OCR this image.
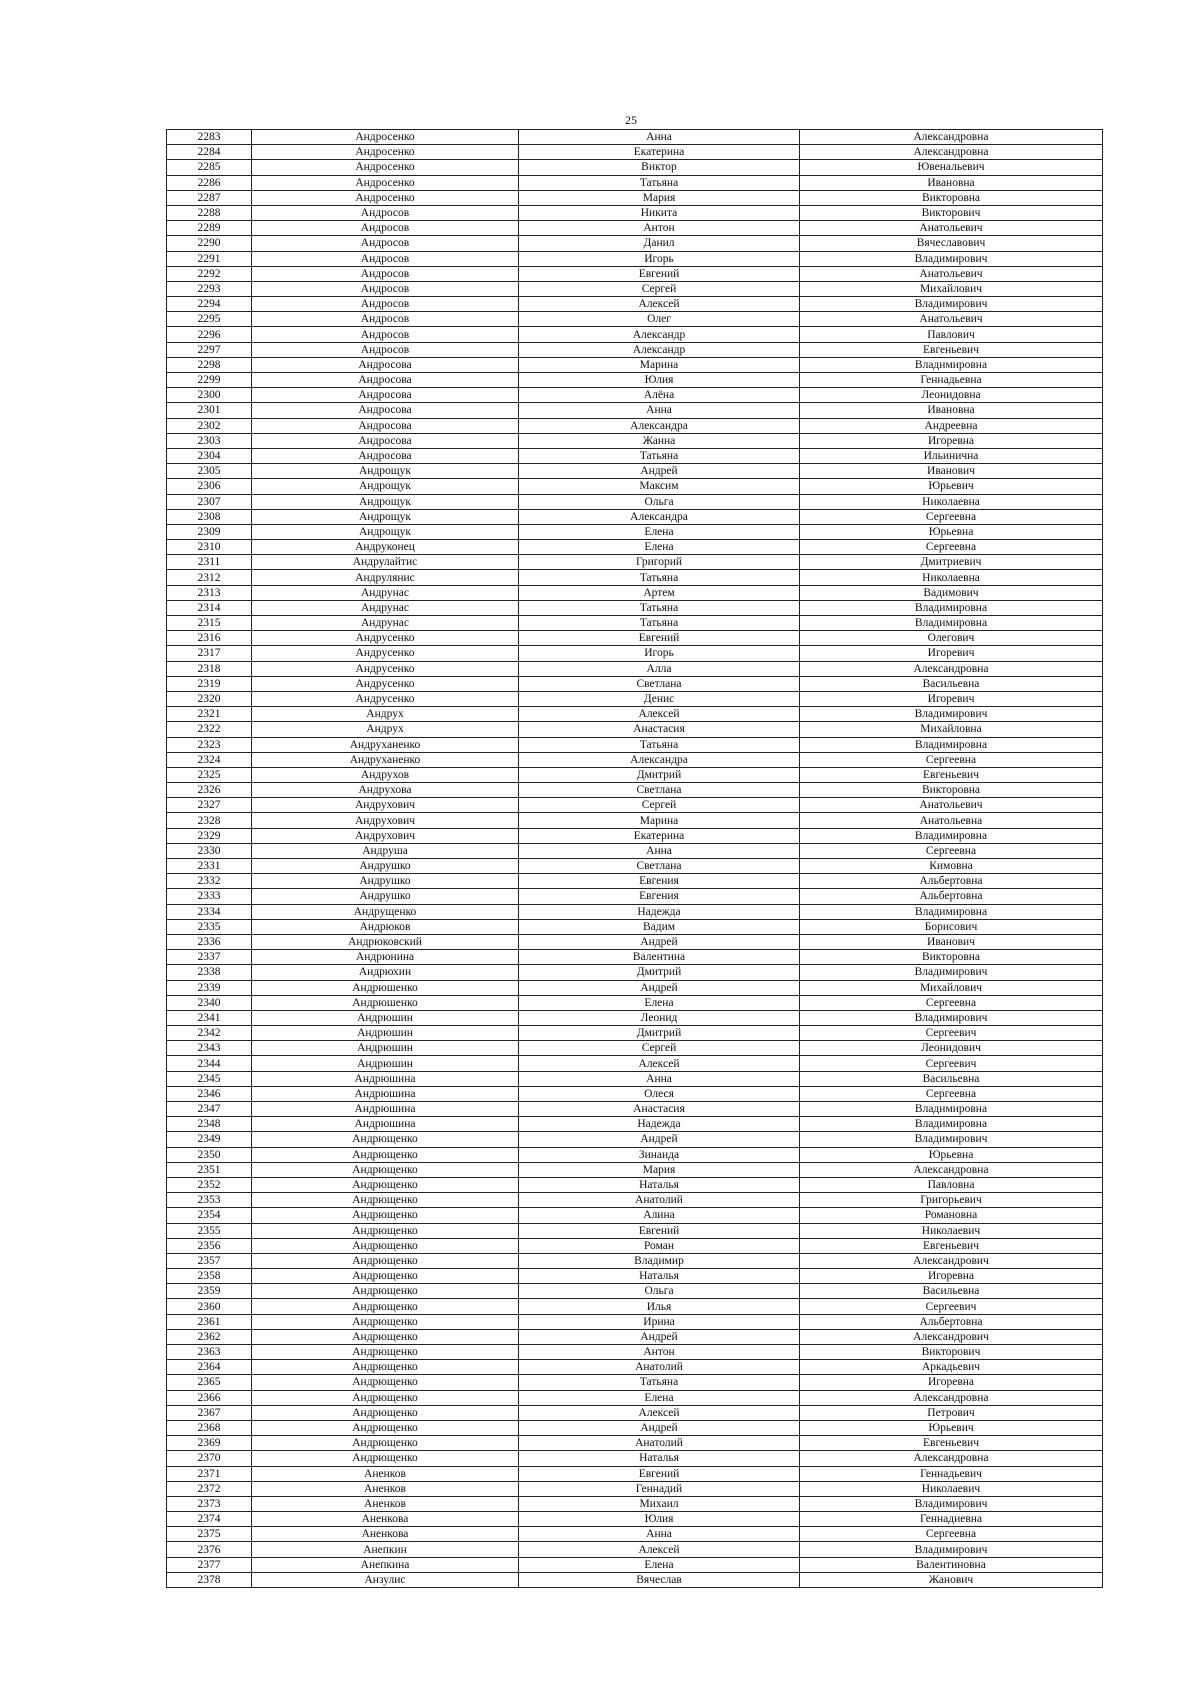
25
2283	Андросенко	Анна	Александровна
2284	Андросенко	Екатерина	Александровна
2285	Андросенко	Виктор	Ювенальевич
2286	Андросенко	Татьяна	Ивановна
2287	Андросенко	Мария	Викторовна
2288	Андросов	Никита	Викторович
2289	Андросов	Антон	Анатольевич
2290	Андросов	Данил	Вячеславович
2291	Андросов	Игорь	Владимирович
2292	Андросов	Евгений	Анатольевич
2293	Андросов	Сергей	Михайлович
2294	Андросов	Алексей	Владимирович
2295	Андросов	Олег	Анатольевич
2296	Андросов	Александр	Павлович
2297	Андросов	Александр	Евгеньевич
2298	Андросова	Марина	Владимировна
2299	Андросова	Юлия	Геннадьевна
2300	Андросова	Алёна	Леонидовна
2301	Андросова	Анна	Ивановна
2302	Андросова	Александра	Андреевна
2303	Андросова	Жанна	Игоревна
2304	Андросова	Татьяна	Ильинична
2305	Андрощук	Андрей	Иванович
2306	Андрощук	Максим	Юрьевич
2307	Андрощук	Ольга	Николаевна
2308	Андрощук	Александра	Сергеевна
2309	Андрощук	Елена	Юрьевна
2310	Андруконец	Елена	Сергеевна
2311	Андрулайтис	Григорий	Дмитриевич
2312	Андрулянис	Татьяна	Николаевна
2313	Андрунас	Артем	Вадимович
2314	Андрунас	Татьяна	Владимировна
2315	Андрунас	Татьяна	Владимировна
2316	Андрусенко	Евгений	Олегович
2317	Андрусенко	Игорь	Игоревич
2318	Андрусенко	Алла	Александровна
2319	Андрусенко	Светлана	Васильевна
2320	Андрусенко	Денис	Игоревич
2321	Андрух	Алексей	Владимирович
2322	Андрух	Анастасия	Михайловна
2323	Андруханенко	Татьяна	Владимировна
2324	Андруханенко	Александра	Сергеевна
2325	Андрухов	Дмитрий	Евгеньевич
2326	Андрухова	Светлана	Викторовна
2327	Андрухович	Сергей	Анатольевич
2328	Андрухович	Марина	Анатольевна
2329	Андрухович	Екатерина	Владимировна
2330	Андруша	Анна	Сергеевна
2331	Андрушко	Светлана	Кимовна
2332	Андрушко	Евгения	Альбертовна
2333	Андрушко	Евгения	Альбертовна
2334	Андрущенко	Надежда	Владимировна
2335	Андрюков	Вадим	Борисович
2336	Андрюковский	Андрей	Иванович
2337	Андрюнина	Валентина	Викторовна
2338	Андрюхин	Дмитрий	Владимирович
2339	Андрюшенко	Андрей	Михайлович
2340	Андрюшенко	Елена	Сергеевна
2341	Андрюшин	Леонид	Владимирович
2342	Андрюшин	Дмитрий	Сергеевич
2343	Андрюшин	Сергей	Леонидович
2344	Андрюшин	Алексей	Сергеевич
2345	Андрюшина	Анна	Васильевна
2346	Андрюшина	Олеся	Сергеевна
2347	Андрюшина	Анастасия	Владимировна
2348	Андрюшина	Надежда	Владимировна
2349	Андрющенко	Андрей	Владимирович
2350	Андрющенко	Зинаида	Юрьевна
2351	Андрющенко	Мария	Александровна
2352	Андрющенко	Наталья	Павловна
2353	Андрющенко	Анатолий	Григорьевич
2354	Андрющенко	Алина	Романовна
2355	Андрющенко	Евгений	Николаевич
2356	Андрющенко	Роман	Евгеньевич
2357	Андрющенко	Владимир	Александрович
2358	Андрющенко	Наталья	Игоревна
2359	Андрющенко	Ольга	Васильевна
2360	Андрющенко	Илья	Сергеевич
2361	Андрющенко	Ирина	Альбертовна
2362	Андрющенко	Андрей	Александрович
2363	Андрющенко	Антон	Викторович
2364	Андрющенко	Анатолий	Аркадьевич
2365	Андрющенко	Татьяна	Игоревна
2366	Андрющенко	Елена	Александровна
2367	Андрющенко	Алексей	Петрович
2368	Андрющенко	Андрей	Юрьевич
2369	Андрющенко	Анатолий	Евгеньевич
2370	Андрющенко	Наталья	Александровна
2371	Аненков	Евгений	Геннадьевич
2372	Аненков	Геннадий	Николаевич
2373	Аненков	Михаил	Владимирович
2374	Аненкова	Юлия	Геннадиевна
2375	Аненкова	Анна	Сергеевна
2376	Анепкин	Алексей	Владимирович
2377	Анепкина	Елена	Валентиновна
2378	Анзулис	Вячеслав	Жанович
